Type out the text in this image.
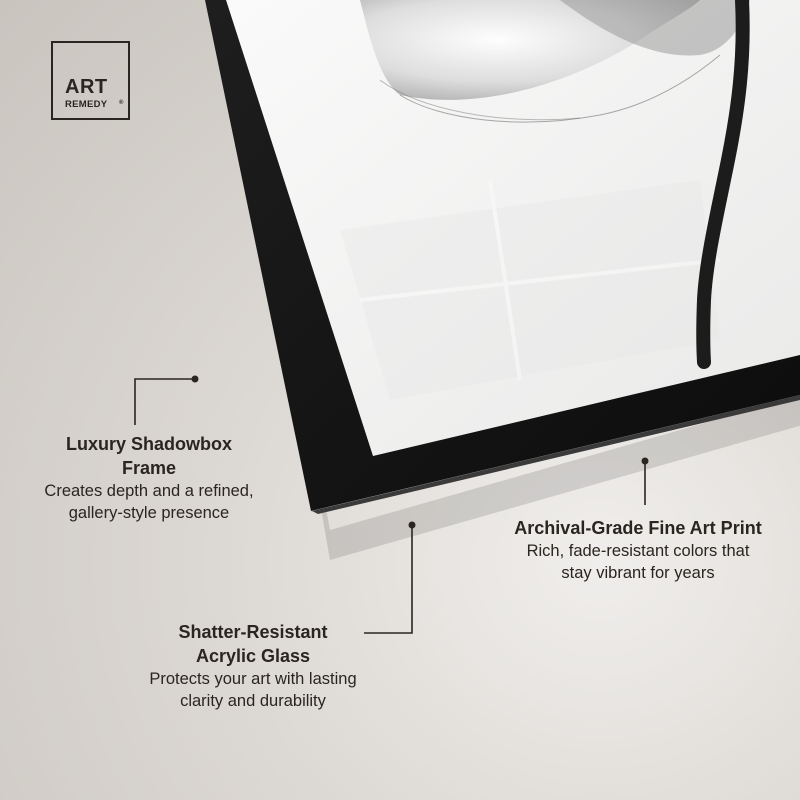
ART
REMEDY ®
Luxury Shadowbox
Frame
Creates depth and a refined,
gallery-style presence
Archival-Grade Fine Art Print
Rich, fade-resistant colors that
stay vibrant for years
Shatter-Resistant
Acrylic Glass
Protects your art with lasting
clarity and durability
